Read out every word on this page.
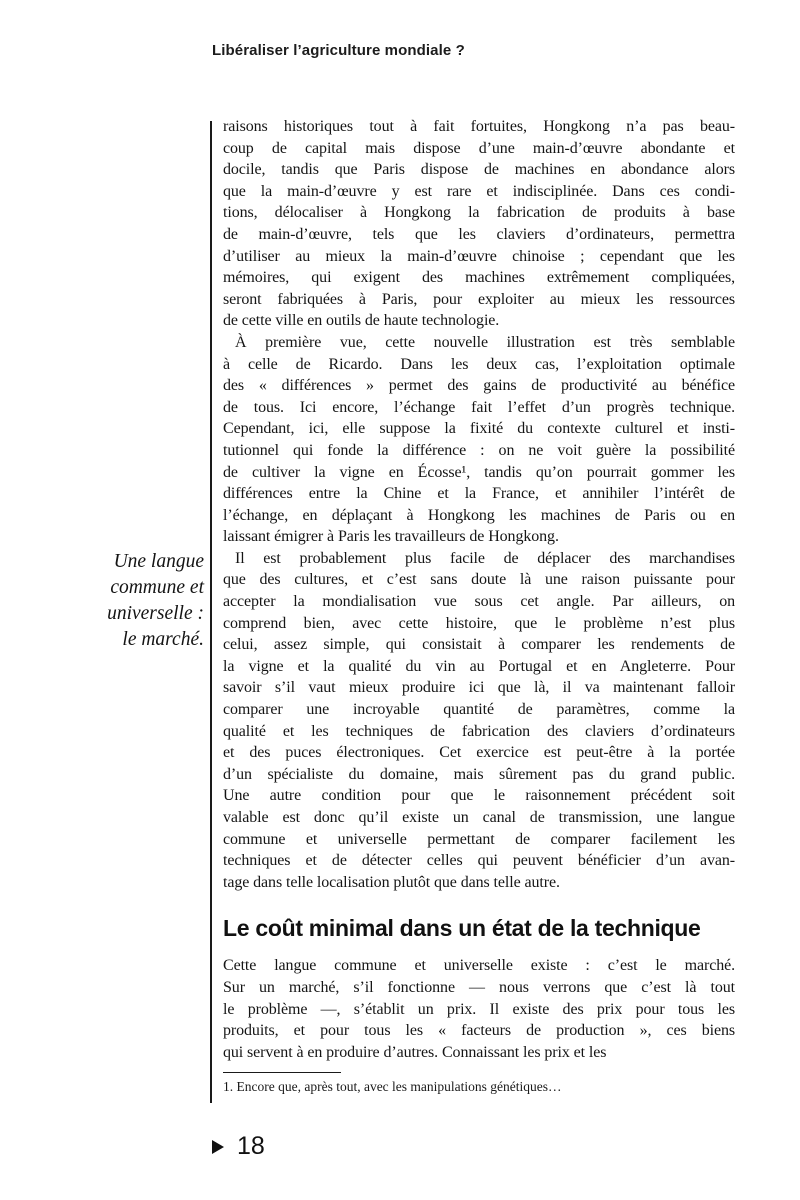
Libéraliser l’agriculture mondiale ?
Une langue
commune et
universelle :
le marché.
raisons historiques tout à fait fortuites, Hongkong n’a pas beau-
coup de capital mais dispose d’une main-d’œuvre abondante et
docile, tandis que Paris dispose de machines en abondance alors
que la main-d’œuvre y est rare et indisciplinée. Dans ces condi-
tions, délocaliser à Hongkong la fabrication de produits à base
de main-d’œuvre, tels que les claviers d’ordinateurs, permettra
d’utiliser au mieux la main-d’œuvre chinoise ; cependant que les
mémoires, qui exigent des machines extrêmement compliquées,
seront fabriquées à Paris, pour exploiter au mieux les ressources
de cette ville en outils de haute technologie.
À première vue, cette nouvelle illustration est très semblable
à celle de Ricardo. Dans les deux cas, l’exploitation optimale
des « différences » permet des gains de productivité au bénéfice
de tous. Ici encore, l’échange fait l’effet d’un progrès technique.
Cependant, ici, elle suppose la fixité du contexte culturel et insti-
tutionnel qui fonde la différence : on ne voit guère la possibilité
de cultiver la vigne en Écosse¹, tandis qu’on pourrait gommer les
différences entre la Chine et la France, et annihiler l’intérêt de
l’échange, en déplaçant à Hongkong les machines de Paris ou en
laissant émigrer à Paris les travailleurs de Hongkong.
Il est probablement plus facile de déplacer des marchandises
que des cultures, et c’est sans doute là une raison puissante pour
accepter la mondialisation vue sous cet angle. Par ailleurs, on
comprend bien, avec cette histoire, que le problème n’est plus
celui, assez simple, qui consistait à comparer les rendements de
la vigne et la qualité du vin au Portugal et en Angleterre. Pour
savoir s’il vaut mieux produire ici que là, il va maintenant falloir
comparer une incroyable quantité de paramètres, comme la
qualité et les techniques de fabrication des claviers d’ordinateurs
et des puces électroniques. Cet exercice est peut-être à la portée
d’un spécialiste du domaine, mais sûrement pas du grand public.
Une autre condition pour que le raisonnement précédent soit
valable est donc qu’il existe un canal de transmission, une langue
commune et universelle permettant de comparer facilement les
techniques et de détecter celles qui peuvent bénéficier d’un avan-
tage dans telle localisation plutôt que dans telle autre.
Le coût minimal dans un état de la technique
Cette langue commune et universelle existe : c’est le marché.
Sur un marché, s’il fonctionne — nous verrons que c’est là tout
le problème —, s’établit un prix. Il existe des prix pour tous les
produits, et pour tous les « facteurs de production », ces biens
qui servent à en produire d’autres. Connaissant les prix et les
1. Encore que, après tout, avec les manipulations génétiques…
18
